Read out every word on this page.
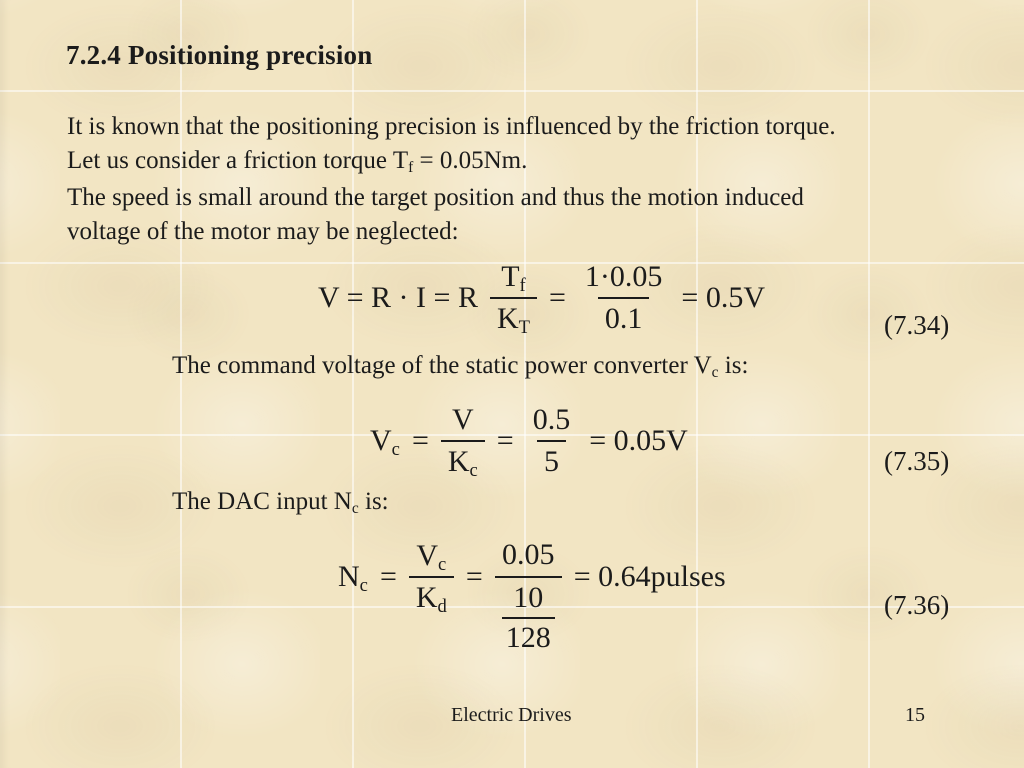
7.2.4 Positioning precision
It is known that the positioning precision is influenced by the friction torque.
Let us consider a friction torque Tf = 0.05Nm.
The speed is small around the target position and thus the motion induced
voltage of the motor may be neglected:
V = R · I = R $\frac{Tf}{KT} = \frac{1\cdot 0.05}{0.1} = 0.5V$
(7.34)
The command voltage of the static power converter Vc is:
$Vc = \frac{V}{Kc} = \frac{0.5}{5} = 0.05V$
(7.35)
The DAC input Nc is:
$Nc = \frac{Vc}{Kd} = \frac{0.05}{\frac{10}{128}}$ = 0.64pulses
(7.36)
Electric Drives	15
